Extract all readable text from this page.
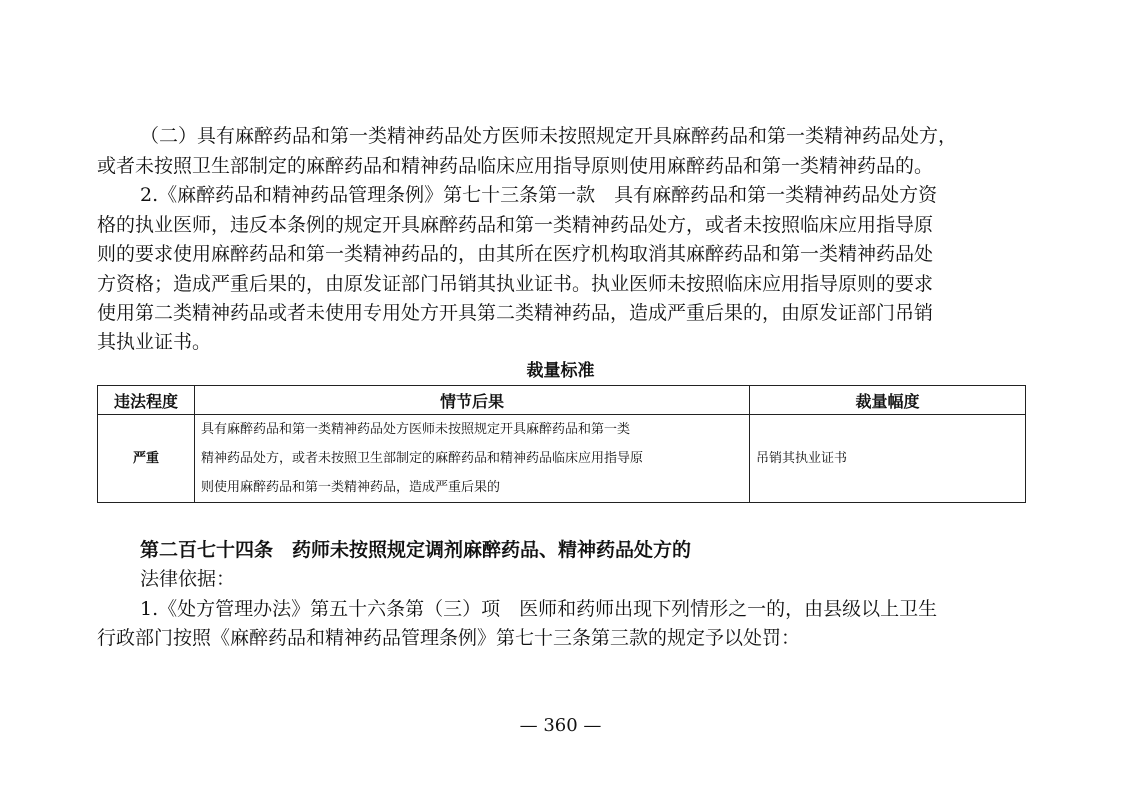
（二）具有麻醉药品和第一类精神药品处方医师未按照规定开具麻醉药品和第一类精神药品处方，
或者未按照卫生部制定的麻醉药品和精神药品临床应用指导原则使用麻醉药品和第一类精神药品的。
2.《麻醉药品和精神药品管理条例》第七十三条第一款　具有麻醉药品和第一类精神药品处方资
格的执业医师，违反本条例的规定开具麻醉药品和第一类精神药品处方，或者未按照临床应用指导原
则的要求使用麻醉药品和第一类精神药品的，由其所在医疗机构取消其麻醉药品和第一类精神药品处
方资格；造成严重后果的，由原发证部门吊销其执业证书。执业医师未按照临床应用指导原则的要求
使用第二类精神药品或者未使用专用处方开具第二类精神药品，造成严重后果的，由原发证部门吊销
其执业证书。
裁量标准
违法程度	情节后果	裁量幅度
严重	具有麻醉药品和第一类精神药品处方医师未按照规定开具麻醉药品和第一类
精神药品处方，或者未按照卫生部制定的麻醉药品和精神药品临床应用指导原
则使用麻醉药品和第一类精神药品，造成严重后果的	吊销其执业证书
第二百七十四条　药师未按照规定调剂麻醉药品、精神药品处方的
法律依据：
1.《处方管理办法》第五十六条第（三）项　医师和药师出现下列情形之一的，由县级以上卫生
行政部门按照《麻醉药品和精神药品管理条例》第七十三条第三款的规定予以处罚：
— 360 —
